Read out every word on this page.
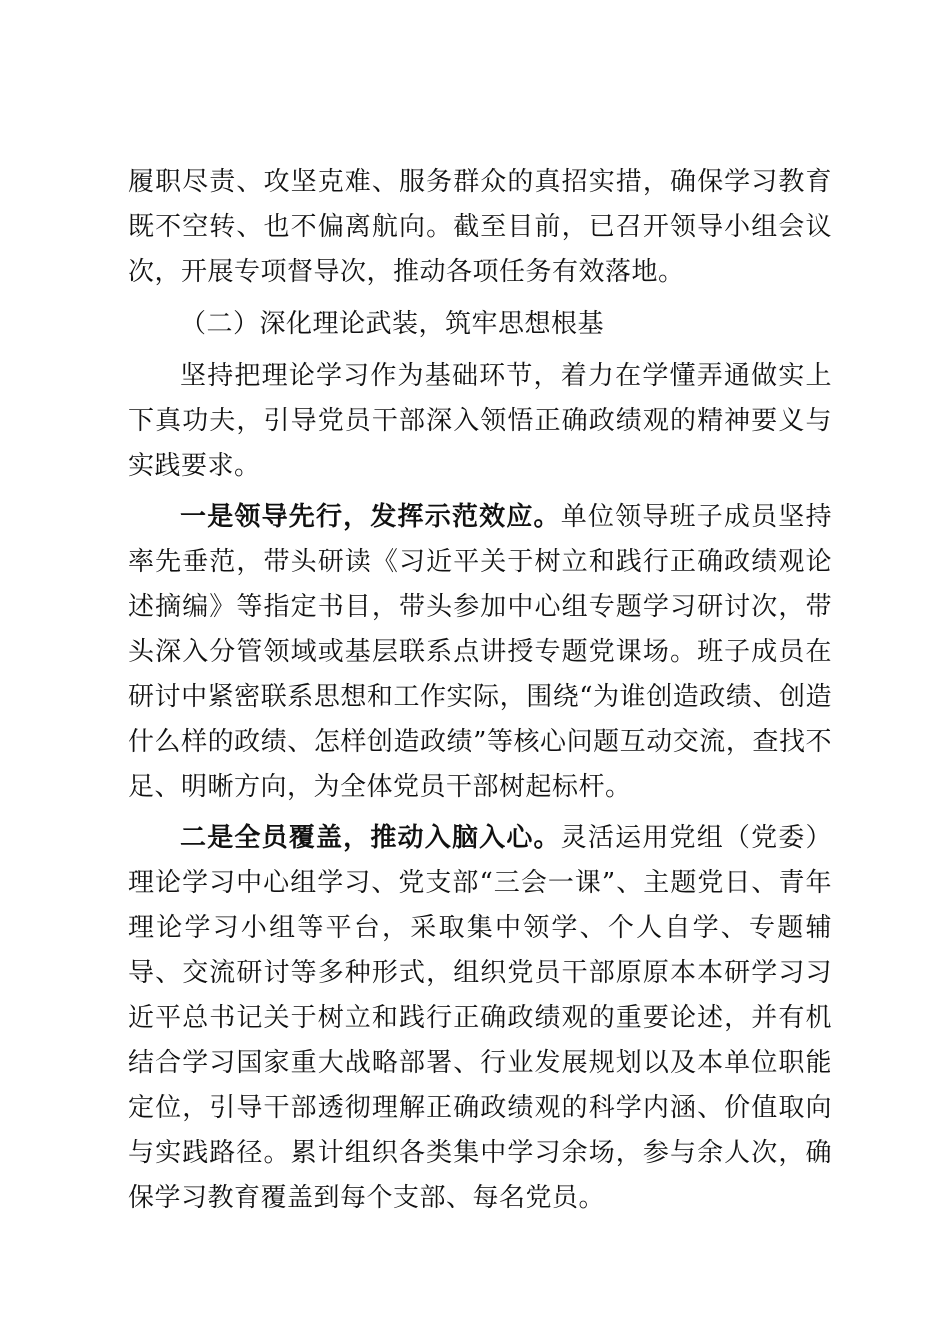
履职尽责、攻坚克难、服务群众的真招实措，确保学习教育既不空转、也不偏离航向。截至目前，已召开领导小组会议次，开展专项督导次，推动各项任务有效落地。

（二）深化理论武装，筑牢思想根基

坚持把理论学习作为基础环节，着力在学懂弄通做实上下真功夫，引导党员干部深入领悟正确政绩观的精神要义与实践要求。

一是领导先行，发挥示范效应。单位领导班子成员坚持率先垂范，带头研读《习近平关于树立和践行正确政绩观论述摘编》等指定书目，带头参加中心组专题学习研讨次，带头深入分管领域或基层联系点讲授专题党课场。班子成员在研讨中紧密联系思想和工作实际，围绕“为谁创造政绩、创造什么样的政绩、怎样创造政绩”等核心问题互动交流，查找不足、明晰方向，为全体党员干部树起标杆。

二是全员覆盖，推动入脑入心。灵活运用党组（党委）理论学习中心组学习、党支部“三会一课”、主题党日、青年理论学习小组等平台，采取集中领学、个人自学、专题辅导、交流研讨等多种形式，组织党员干部原原本本研学习习近平总书记关于树立和践行正确政绩观的重要论述，并有机结合学习国家重大战略部署、行业发展规划以及本单位职能定位，引导干部透彻理解正确政绩观的科学内涵、价值取向与实践路径。累计组织各类集中学习余场，参与余人次，确保学习教育覆盖到每个支部、每名党员。
